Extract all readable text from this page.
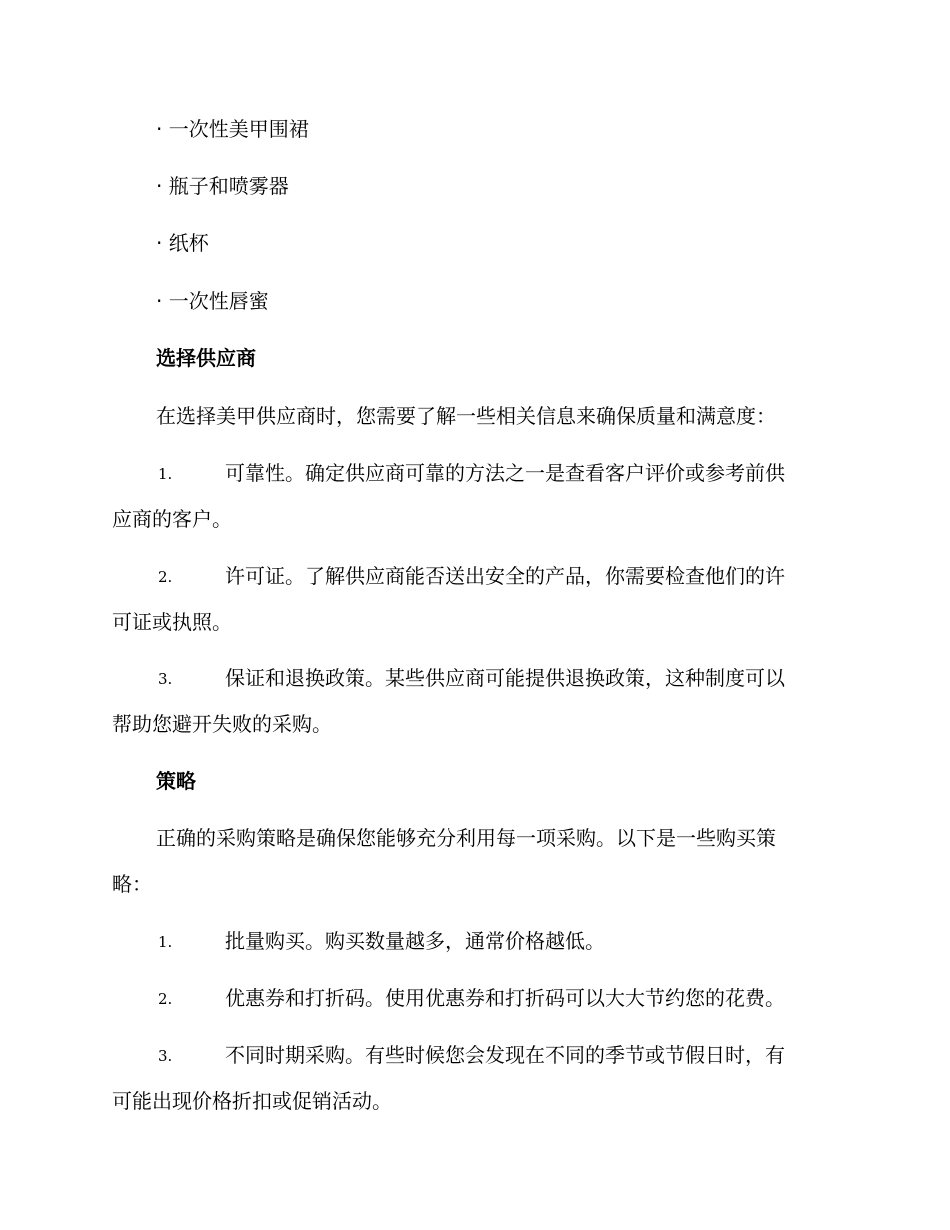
· 一次性美甲围裙
· 瓶子和喷雾器
· 纸杯
· 一次性唇蜜
选择供应商
在选择美甲供应商时，您需要了解一些相关信息来确保质量和满意度：
1.	可靠性。确定供应商可靠的方法之一是查看客户评价或参考前供
应商的客户。
2.	许可证。了解供应商能否送出安全的产品，你需要检查他们的许
可证或执照。
3.	保证和退换政策。某些供应商可能提供退换政策，这种制度可以
帮助您避开失败的采购。
策略
正确的采购策略是确保您能够充分利用每一项采购。以下是一些购买策
略：
1.	批量购买。购买数量越多，通常价格越低。
2.	优惠券和打折码。使用优惠券和打折码可以大大节约您的花费。
3.	不同时期采购。有些时候您会发现在不同的季节或节假日时，有
可能出现价格折扣或促销活动。
